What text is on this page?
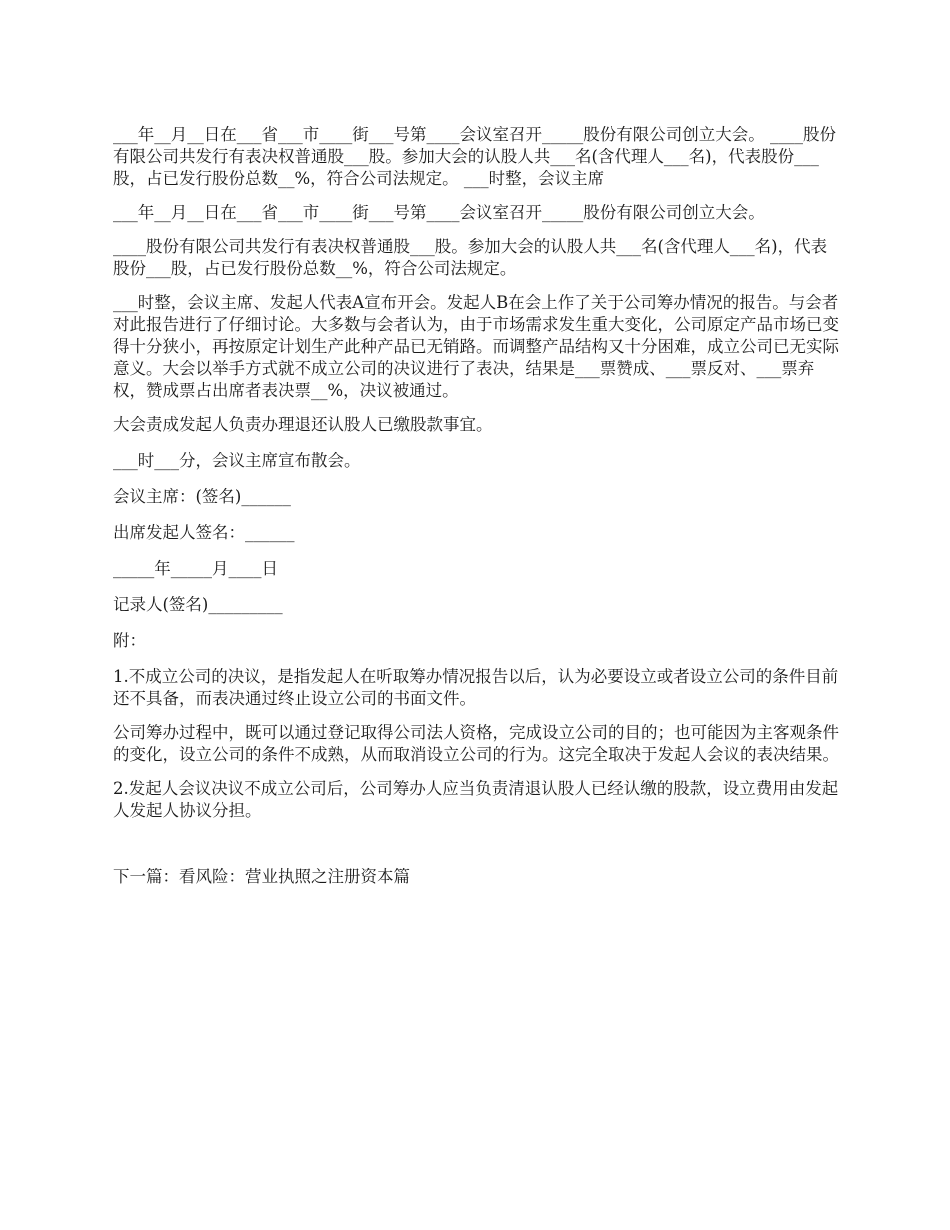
___年__月__日在___省___市____街___号第____会议室召开_____股份有限公司创立大会。 ____股份有限公司共发行有表决权普通股___股。参加大会的认股人共___名(含代理人___名)，代表股份___股，占已发行股份总数__%，符合公司法规定。 ___时整，会议主席

___年__月__日在___省___市____街___号第____会议室召开_____股份有限公司创立大会。

____股份有限公司共发行有表决权普通股___股。参加大会的认股人共___名(含代理人___名)，代表股份___股，占已发行股份总数__%，符合公司法规定。

___时整，会议主席、发起人代表A宣布开会。发起人B在会上作了关于公司筹办情况的报告。与会者对此报告进行了仔细讨论。大多数与会者认为，由于市场需求发生重大变化，公司原定产品市场已变得十分狭小，再按原定计划生产此种产品已无销路。而调整产品结构又十分困难，成立公司已无实际意义。大会以举手方式就不成立公司的决议进行了表决，结果是___票赞成、___票反对、___票弃权，赞成票占出席者表决票__%，决议被通过。

大会责成发起人负责办理退还认股人已缴股款事宜。

___时___分，会议主席宣布散会。

会议主席：(签名)______

出席发起人签名：______

_____年_____月____日

记录人(签名)_________

附：

1.不成立公司的决议，是指发起人在听取筹办情况报告以后，认为必要设立或者设立公司的条件目前还不具备，而表决通过终止设立公司的书面文件。

公司筹办过程中，既可以通过登记取得公司法人资格，完成设立公司的目的；也可能因为主客观条件的变化，设立公司的条件不成熟，从而取消设立公司的行为。这完全取决于发起人会议的表决结果。

2.发起人会议决议不成立公司后，公司筹办人应当负责清退认股人已经认缴的股款，设立费用由发起人发起人协议分担。

下一篇：看风险：营业执照之注册资本篇
